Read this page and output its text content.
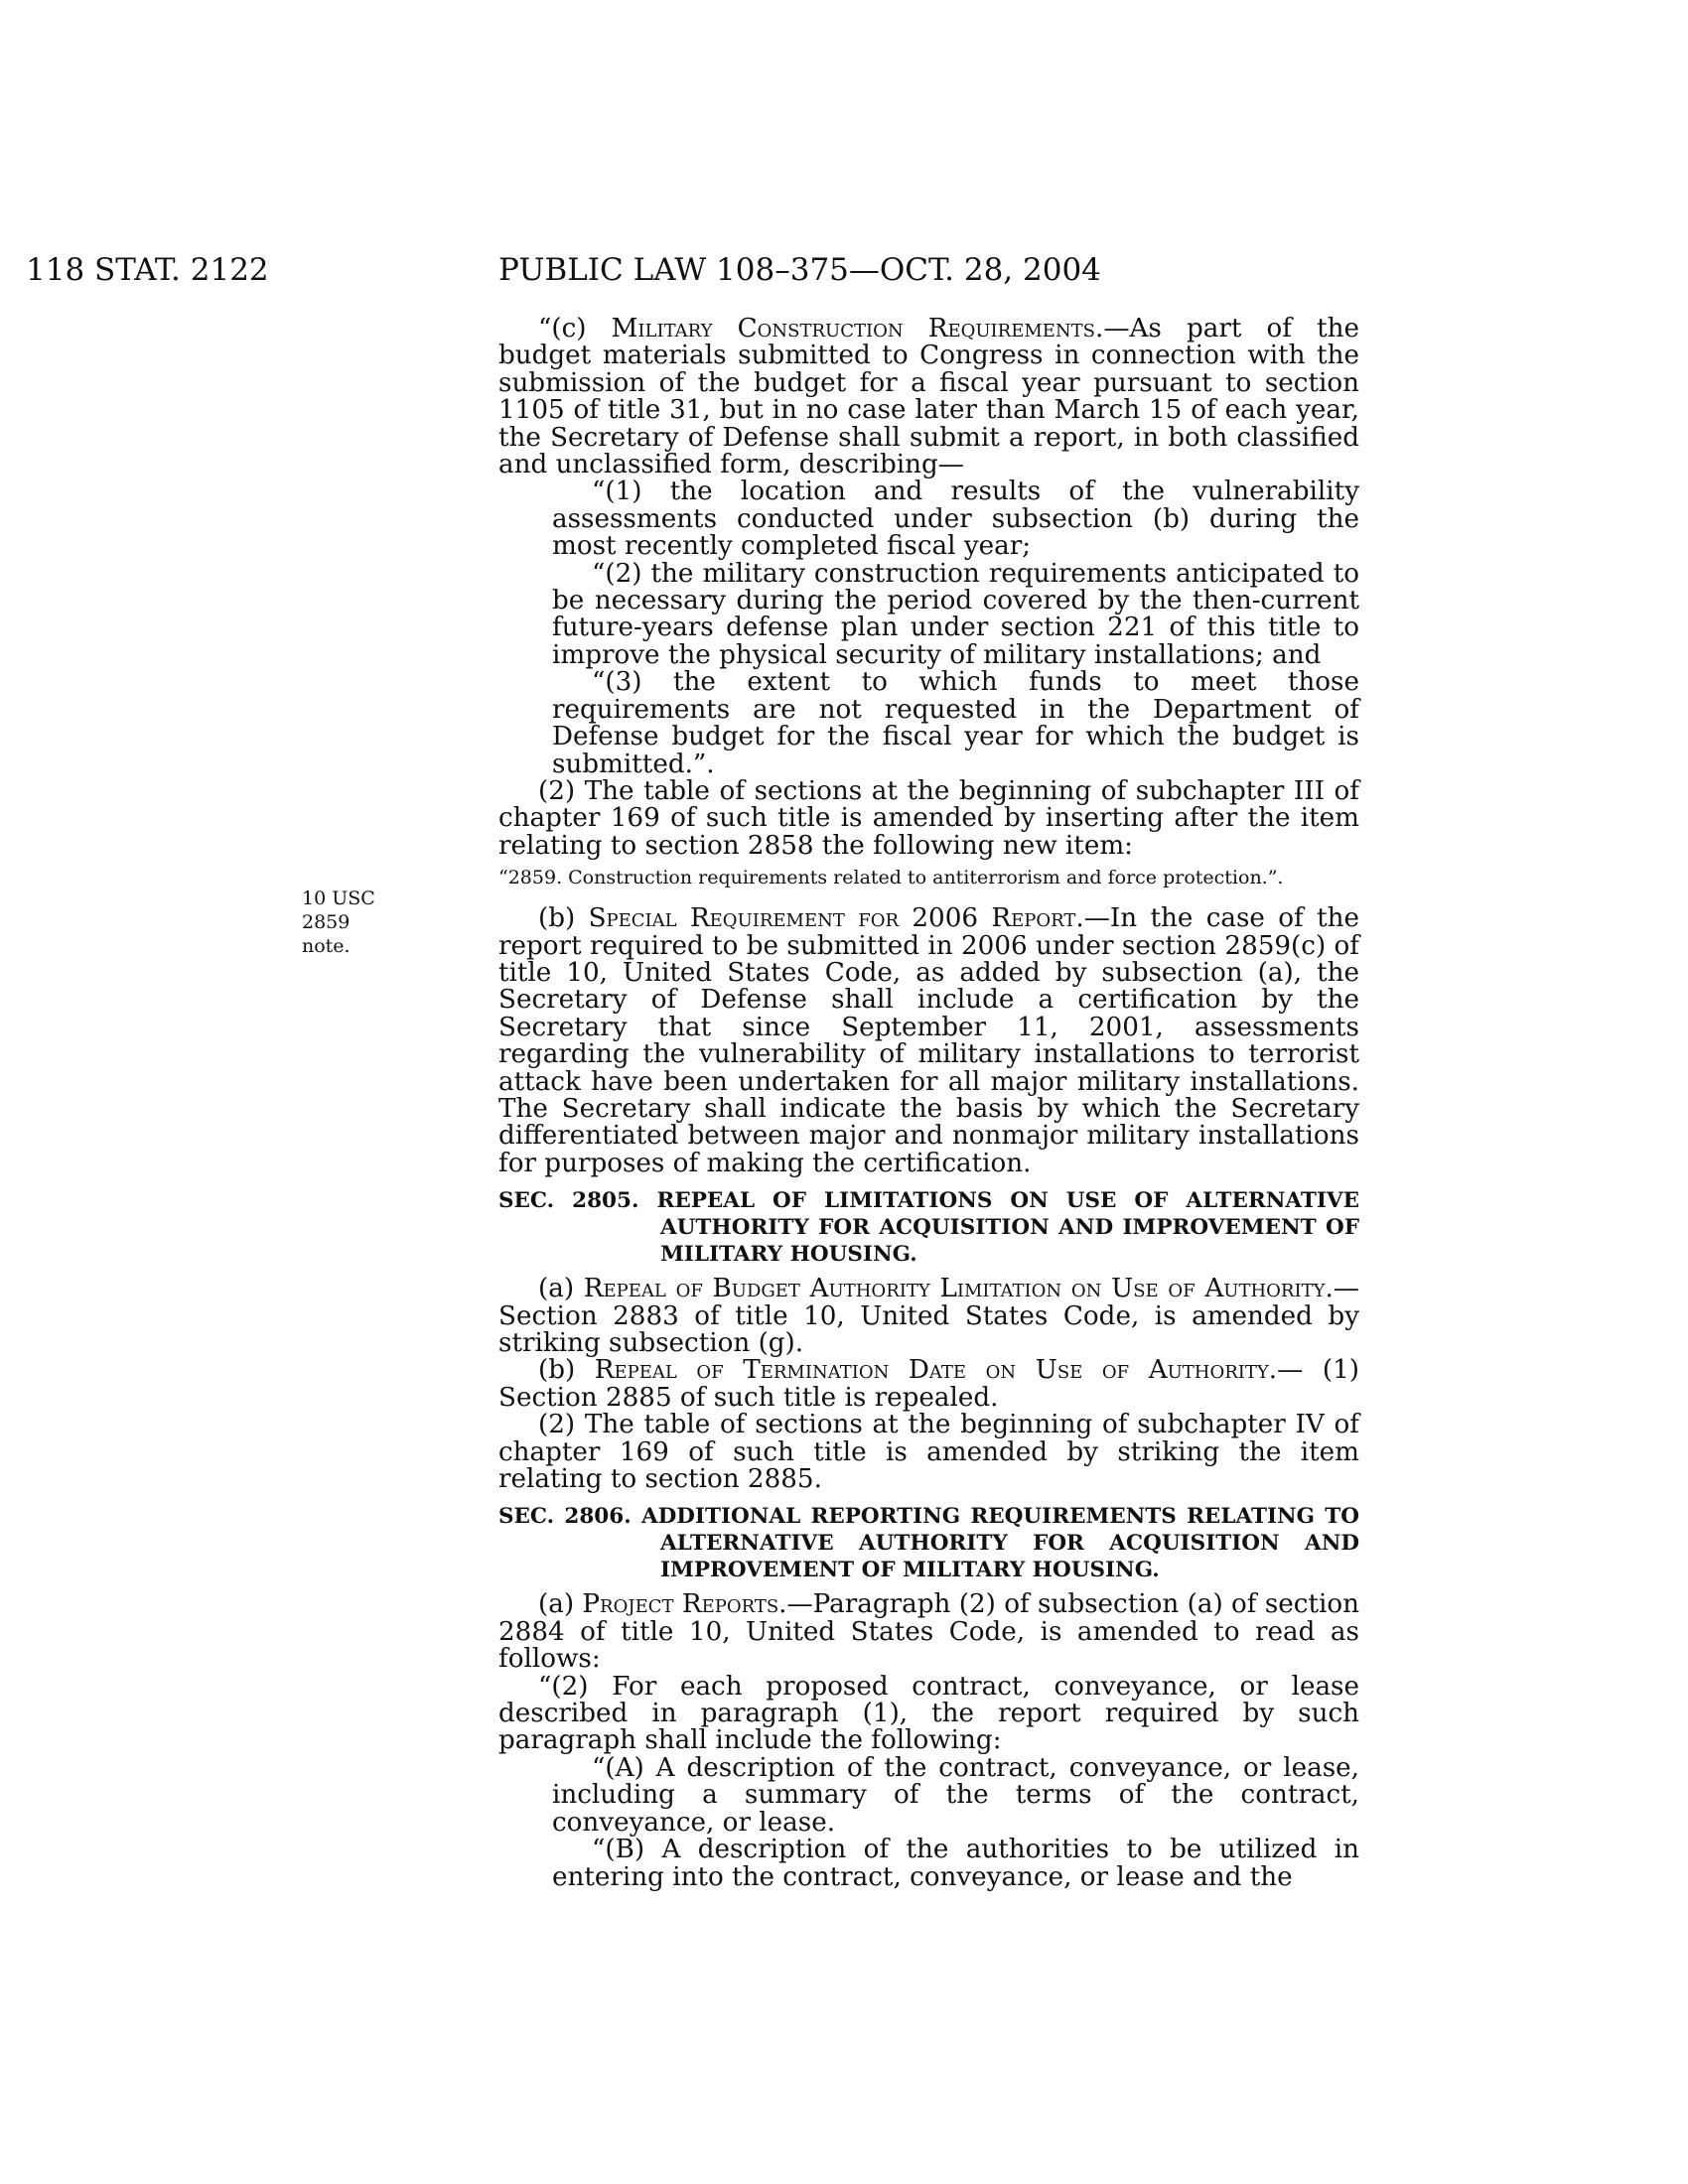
118 STAT. 2122	PUBLIC LAW 108–375—OCT. 28, 2004
10 USC 2859
note.

“(c) Military Construction Requirements.—As part of the budget materials submitted to Congress in connection with the submission of the budget for a fiscal year pursuant to section 1105 of title 31, but in no case later than March 15 of each year, the Secretary of Defense shall submit a report, in both classified and unclassified form, describing—

“(1) the location and results of the vulnerability assessments conducted under subsection (b) during the most recently completed fiscal year;

“(2) the military construction requirements anticipated to be necessary during the period covered by the then-current future-years defense plan under section 221 of this title to improve the physical security of military installations; and

“(3) the extent to which funds to meet those requirements are not requested in the Department of Defense budget for the fiscal year for which the budget is submitted.”.

(2) The table of sections at the beginning of subchapter III of chapter 169 of such title is amended by inserting after the item relating to section 2858 the following new item:

“2859. Construction requirements related to antiterrorism and force protection.”.

(b) Special Requirement for 2006 Report.—In the case of the report required to be submitted in 2006 under section 2859(c) of title 10, United States Code, as added by subsection (a), the Secretary of Defense shall include a certification by the Secretary that since September 11, 2001, assessments regarding the vulnerability of military installations to terrorist attack have been undertaken for all major military installations. The Secretary shall indicate the basis by which the Secretary differentiated between major and nonmajor military installations for purposes of making the certification.

SEC. 2805. REPEAL OF LIMITATIONS ON USE OF ALTERNATIVE AUTHORITY FOR ACQUISITION AND IMPROVEMENT OF MILITARY HOUSING.

(a) Repeal of Budget Authority Limitation on Use of Authority.—Section 2883 of title 10, United States Code, is amended by striking subsection (g).

(b) Repeal of Termination Date on Use of Authority.— (1) Section 2885 of such title is repealed.

(2) The table of sections at the beginning of subchapter IV of chapter 169 of such title is amended by striking the item relating to section 2885.

SEC. 2806. ADDITIONAL REPORTING REQUIREMENTS RELATING TO ALTERNATIVE AUTHORITY FOR ACQUISITION AND IMPROVEMENT OF MILITARY HOUSING.

(a) Project Reports.—Paragraph (2) of subsection (a) of section 2884 of title 10, United States Code, is amended to read as follows:

“(2) For each proposed contract, conveyance, or lease described in paragraph (1), the report required by such paragraph shall include the following:

“(A) A description of the contract, conveyance, or lease, including a summary of the terms of the contract, conveyance, or lease.

“(B) A description of the authorities to be utilized in entering into the contract, conveyance, or lease and the
